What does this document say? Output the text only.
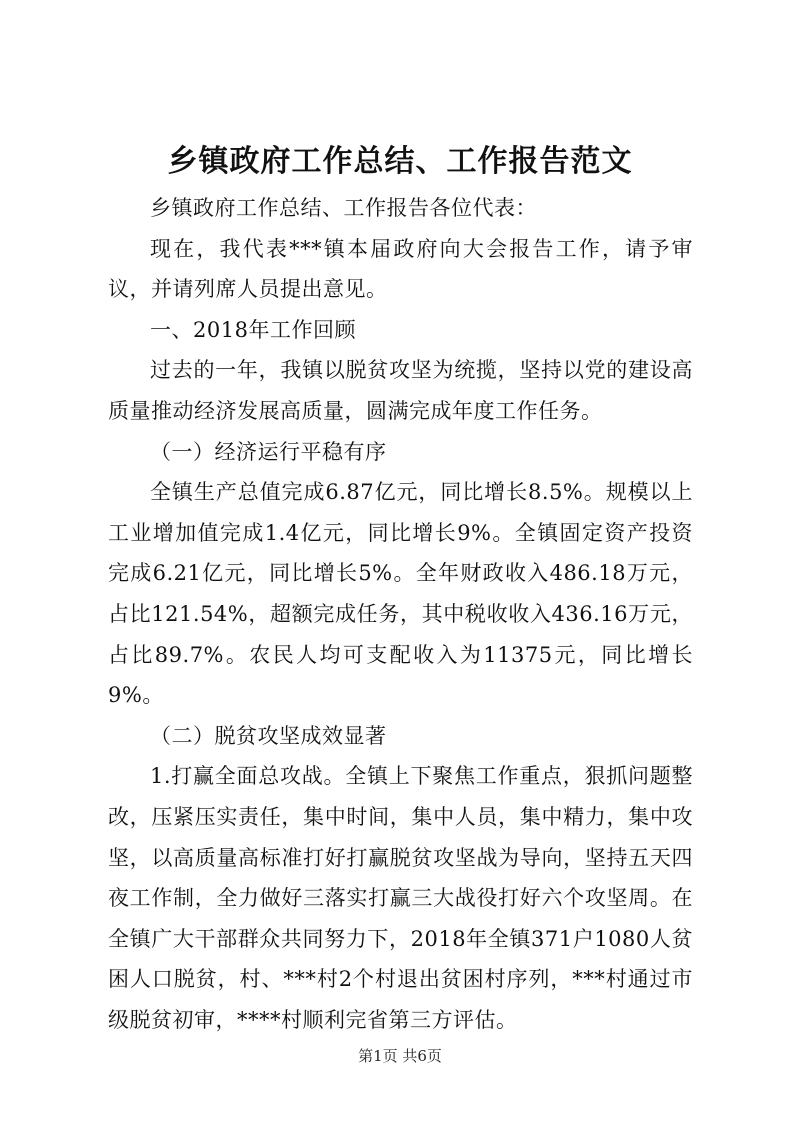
乡镇政府工作总结、工作报告范文

乡镇政府工作总结、工作报告各位代表：

现在，我代表***镇本届政府向大会报告工作，请予审议，并请列席人员提出意见。

一、2018年工作回顾

过去的一年，我镇以脱贫攻坚为统揽，坚持以党的建设高质量推动经济发展高质量，圆满完成年度工作任务。

（一）经济运行平稳有序

全镇生产总值完成6.87亿元，同比增长8.5%。规模以上工业增加值完成1.4亿元，同比增长9%。全镇固定资产投资完成6.21亿元，同比增长5%。全年财政收入486.18万元，占比121.54%，超额完成任务，其中税收收入436.16万元，占比89.7%。农民人均可支配收入为11375元，同比增长9%。

（二）脱贫攻坚成效显著

1.打赢全面总攻战。全镇上下聚焦工作重点，狠抓问题整改，压紧压实责任，集中时间，集中人员，集中精力，集中攻坚，以高质量高标准打好打赢脱贫攻坚战为导向，坚持五天四夜工作制，全力做好三落实打赢三大战役打好六个攻坚周。在全镇广大干部群众共同努力下，2018年全镇371户1080人贫困人口脱贫，村、***村2个村退出贫困村序列，***村通过市级脱贫初审，****村顺利完省第三方评估。

第1页 共6页
